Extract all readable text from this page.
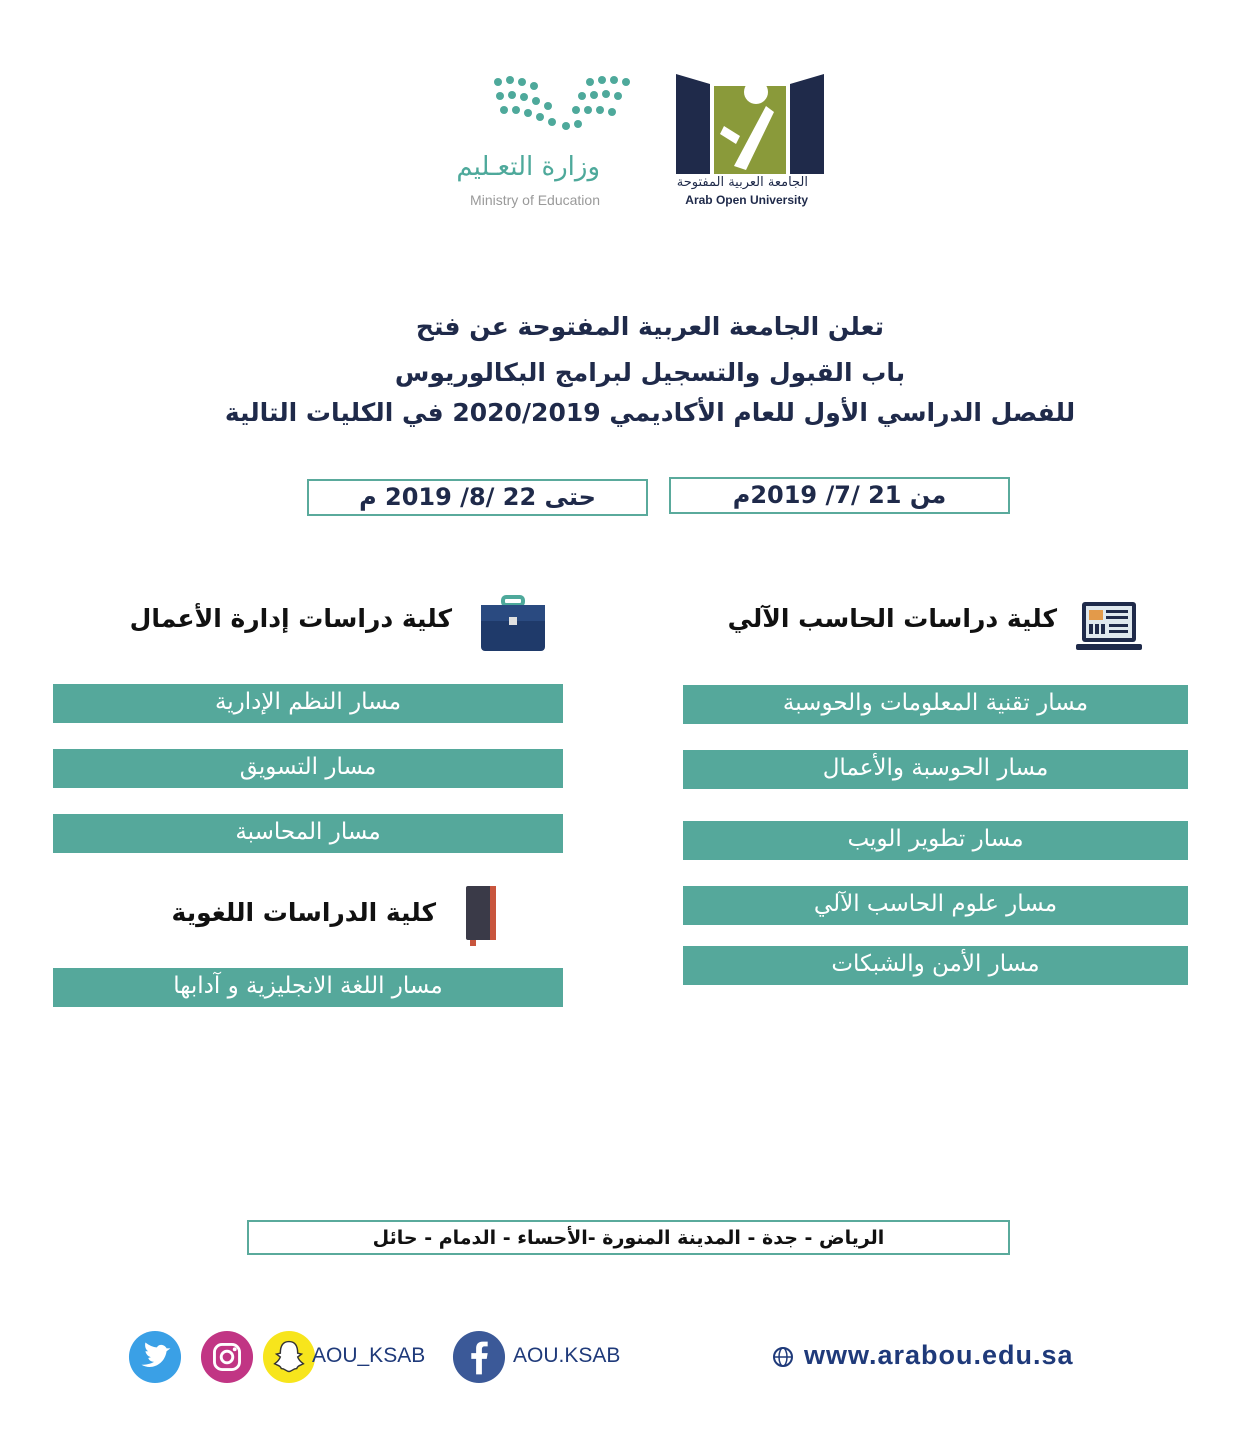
وزارة التعـليم
Ministry of Education
الجامعة العربية المفتوحة
Arab Open University
تعلن الجامعة العربية المفتوحة عن فتح
باب القبول والتسجيل لبرامج البكالوريوس
للفصل الدراسي الأول للعام الأكاديمي 2020/2019 في الكليات التالية
من 21 /7/ 2019م
حتى 22 /8/ 2019 م
كلية دراسات الحاسب الآلي
مسار تقنية المعلومات والحوسبة
مسار الحوسبة والأعمال
مسار تطوير الويب
مسار علوم الحاسب الآلي
مسار الأمن والشبكات
كلية دراسات إدارة الأعمال
مسار النظم الإدارية
مسار التسويق
مسار المحاسبة
كلية الدراسات اللغوية
مسار اللغة الانجليزية و آدابها
الرياض - جدة - المدينة المنورة -الأحساء - الدمام - حائل
AOU_KSAB	AOU.KSAB	www.arabou.edu.sa
